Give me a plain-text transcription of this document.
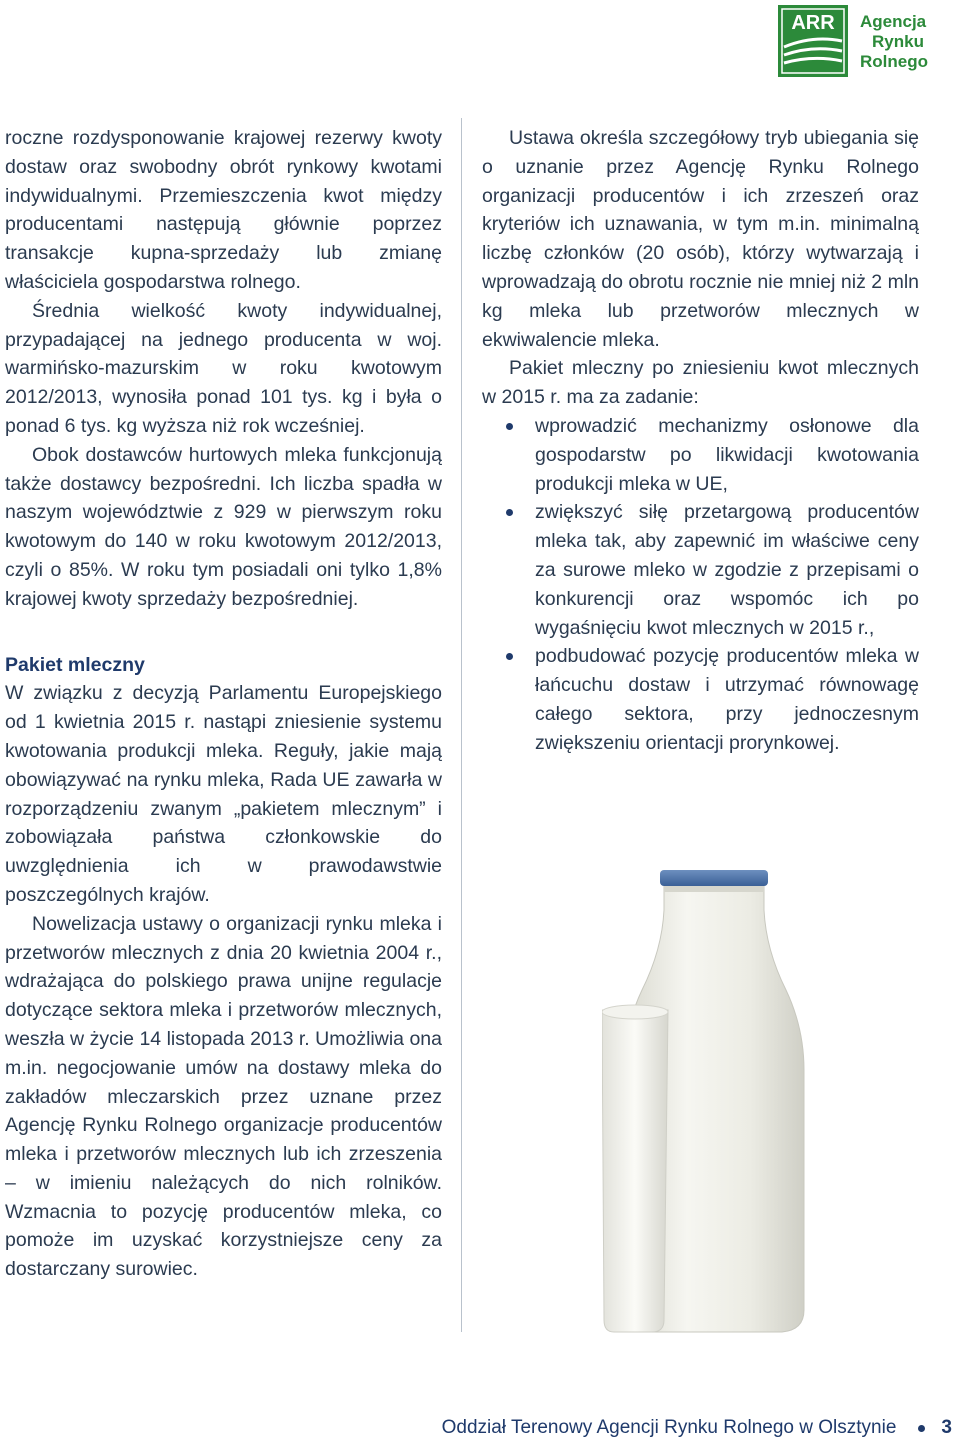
ARR Agencja
Rynku
Rolnego

roczne rozdysponowanie krajowej rezerwy kwoty dostaw oraz swobodny obrót rynkowy kwotami indywidualnymi. Przemieszczenia kwot między producentami następują głównie poprzez transakcje kupna-sprzedaży lub zmianę właściciela gospodarstwa rolnego.

Średnia wielkość kwoty indywidualnej, przypadającej na jednego producenta w woj. warmińsko-mazurskim w roku kwotowym 2012/2013, wynosiła ponad 101 tys. kg i była o ponad 6 tys. kg wyższa niż rok wcześniej.

Obok dostawców hurtowych mleka funkcjonują także dostawcy bezpośredni. Ich liczba spadła w naszym województwie z 929 w pierwszym roku kwotowym do 140 w roku kwotowym 2012/2013, czyli o 85%. W roku tym posiadali oni tylko 1,8% krajowej kwoty sprzedaży bezpośredniej.

Pakiet mleczny

W związku z decyzją Parlamentu Europejskiego od 1 kwietnia 2015 r. nastąpi zniesienie systemu kwotowania produkcji mleka. Reguły, jakie mają obowiązywać na rynku mleka, Rada UE zawarła w rozporządzeniu zwanym „pakietem mlecznym” i zobowiązała państwa członkowskie do uwzględnienia ich w prawodawstwie poszczególnych krajów.

Nowelizacja ustawy o organizacji rynku mleka i przetworów mlecznych z dnia 20 kwietnia 2004 r., wdrażająca do polskiego prawa unijne regulacje dotyczące sektora mleka i przetworów mlecznych, weszła w życie 14 listopada 2013 r. Umożliwia ona m.in. negocjowanie umów na dostawy mleka do zakładów mleczarskich przez uznane przez Agencję Rynku Rolnego organizacje producentów mleka i przetworów mlecznych lub ich zrzeszenia – w imieniu należących do nich rolników. Wzmacnia to pozycję producentów mleka, co pomoże im uzyskać korzystniejsze ceny za dostarczany surowiec.

Ustawa określa szczegółowy tryb ubiegania się o uznanie przez Agencję Rynku Rolnego organizacji producentów i ich zrzeszeń oraz kryteriów ich uznawania, w tym m.in. minimalną liczbę członków (20 osób), którzy wytwarzają i wprowadzają do obrotu rocznie nie mniej niż 2 mln kg mleka lub przetworów mlecznych w ekwiwalencie mleka.

Pakiet mleczny po zniesieniu kwot mlecznych w 2015 r. ma za zadanie:

wprowadzić mechanizmy osłonowe dla gospodarstw po likwidacji kwotowania produkcji mleka w UE,
zwiększyć siłę przetargową producentów mleka tak, aby zapewnić im właściwe ceny za surowe mleko w zgodzie z przepisami o konkurencji oraz wspomóc ich po wygaśnięciu kwot mlecznych w 2015 r.,
podbudować pozycję producentów mleka w łańcuchu dostaw i utrzymać równowagę całego sektora, przy jednoczesnym zwiększeniu orientacji prorynkowej.
Oddział Terenowy Agencji Rynku Rolnego w Olsztynie 3
